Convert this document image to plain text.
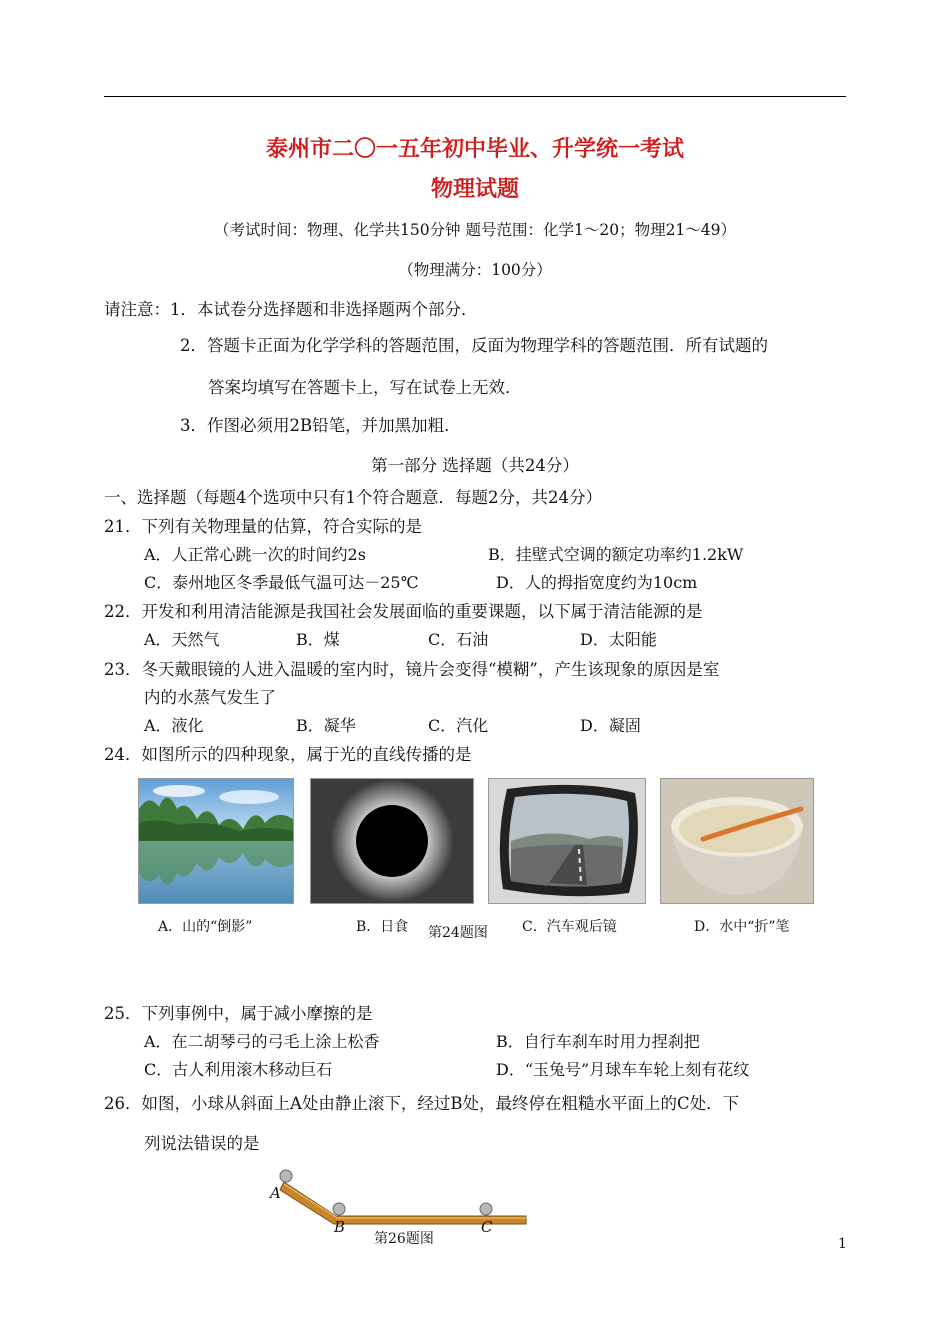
泰州市二〇一五年初中毕业、升学统一考试
物理试题
（考试时间：物理、化学共150分钟 题号范围：化学1～20；物理21～49）
（物理满分：100分）
请注意：1．本试卷分选择题和非选择题两个部分．
2．答题卡正面为化学学科的答题范围，反面为物理学科的答题范围．所有试题的
答案均填写在答题卡上，写在试卷上无效．
3．作图必须用2B铅笔，并加黑加粗．
第一部分 选择题（共24分）
一、选择题（每题4个选项中只有1个符合题意．每题2分，共24分）
21．下列有关物理量的估算，符合实际的是
A．人正常心跳一次的时间约2s	B．挂壁式空调的额定功率约1.2kW
C．泰州地区冬季最低气温可达－25℃	D．人的拇指宽度约为10cm
22．开发和利用清洁能源是我国社会发展面临的重要课题，以下属于清洁能源的是
A．天然气	B．煤	C．石油	D．太阳能
23．冬天戴眼镜的人进入温暖的室内时，镜片会变得“模糊”，产生该现象的原因是室
内的水蒸气发生了
A．液化	B．凝华	C．汽化	D．凝固
24．如图所示的四种现象，属于光的直线传播的是
A．山的“倒影”	B．日食 第24题图 C．汽车观后镜	D．水中“折”笔
25．下列事例中，属于减小摩擦的是
A．在二胡琴弓的弓毛上涂上松香	B．自行车刹车时用力捏刹把
C．古人利用滚木移动巨石	D．“玉兔号”月球车车轮上刻有花纹
26．如图，小球从斜面上A处由静止滚下，经过B处，最终停在粗糙水平面上的C处．下
列说法错误的是
A
B	C
第26题图	1
